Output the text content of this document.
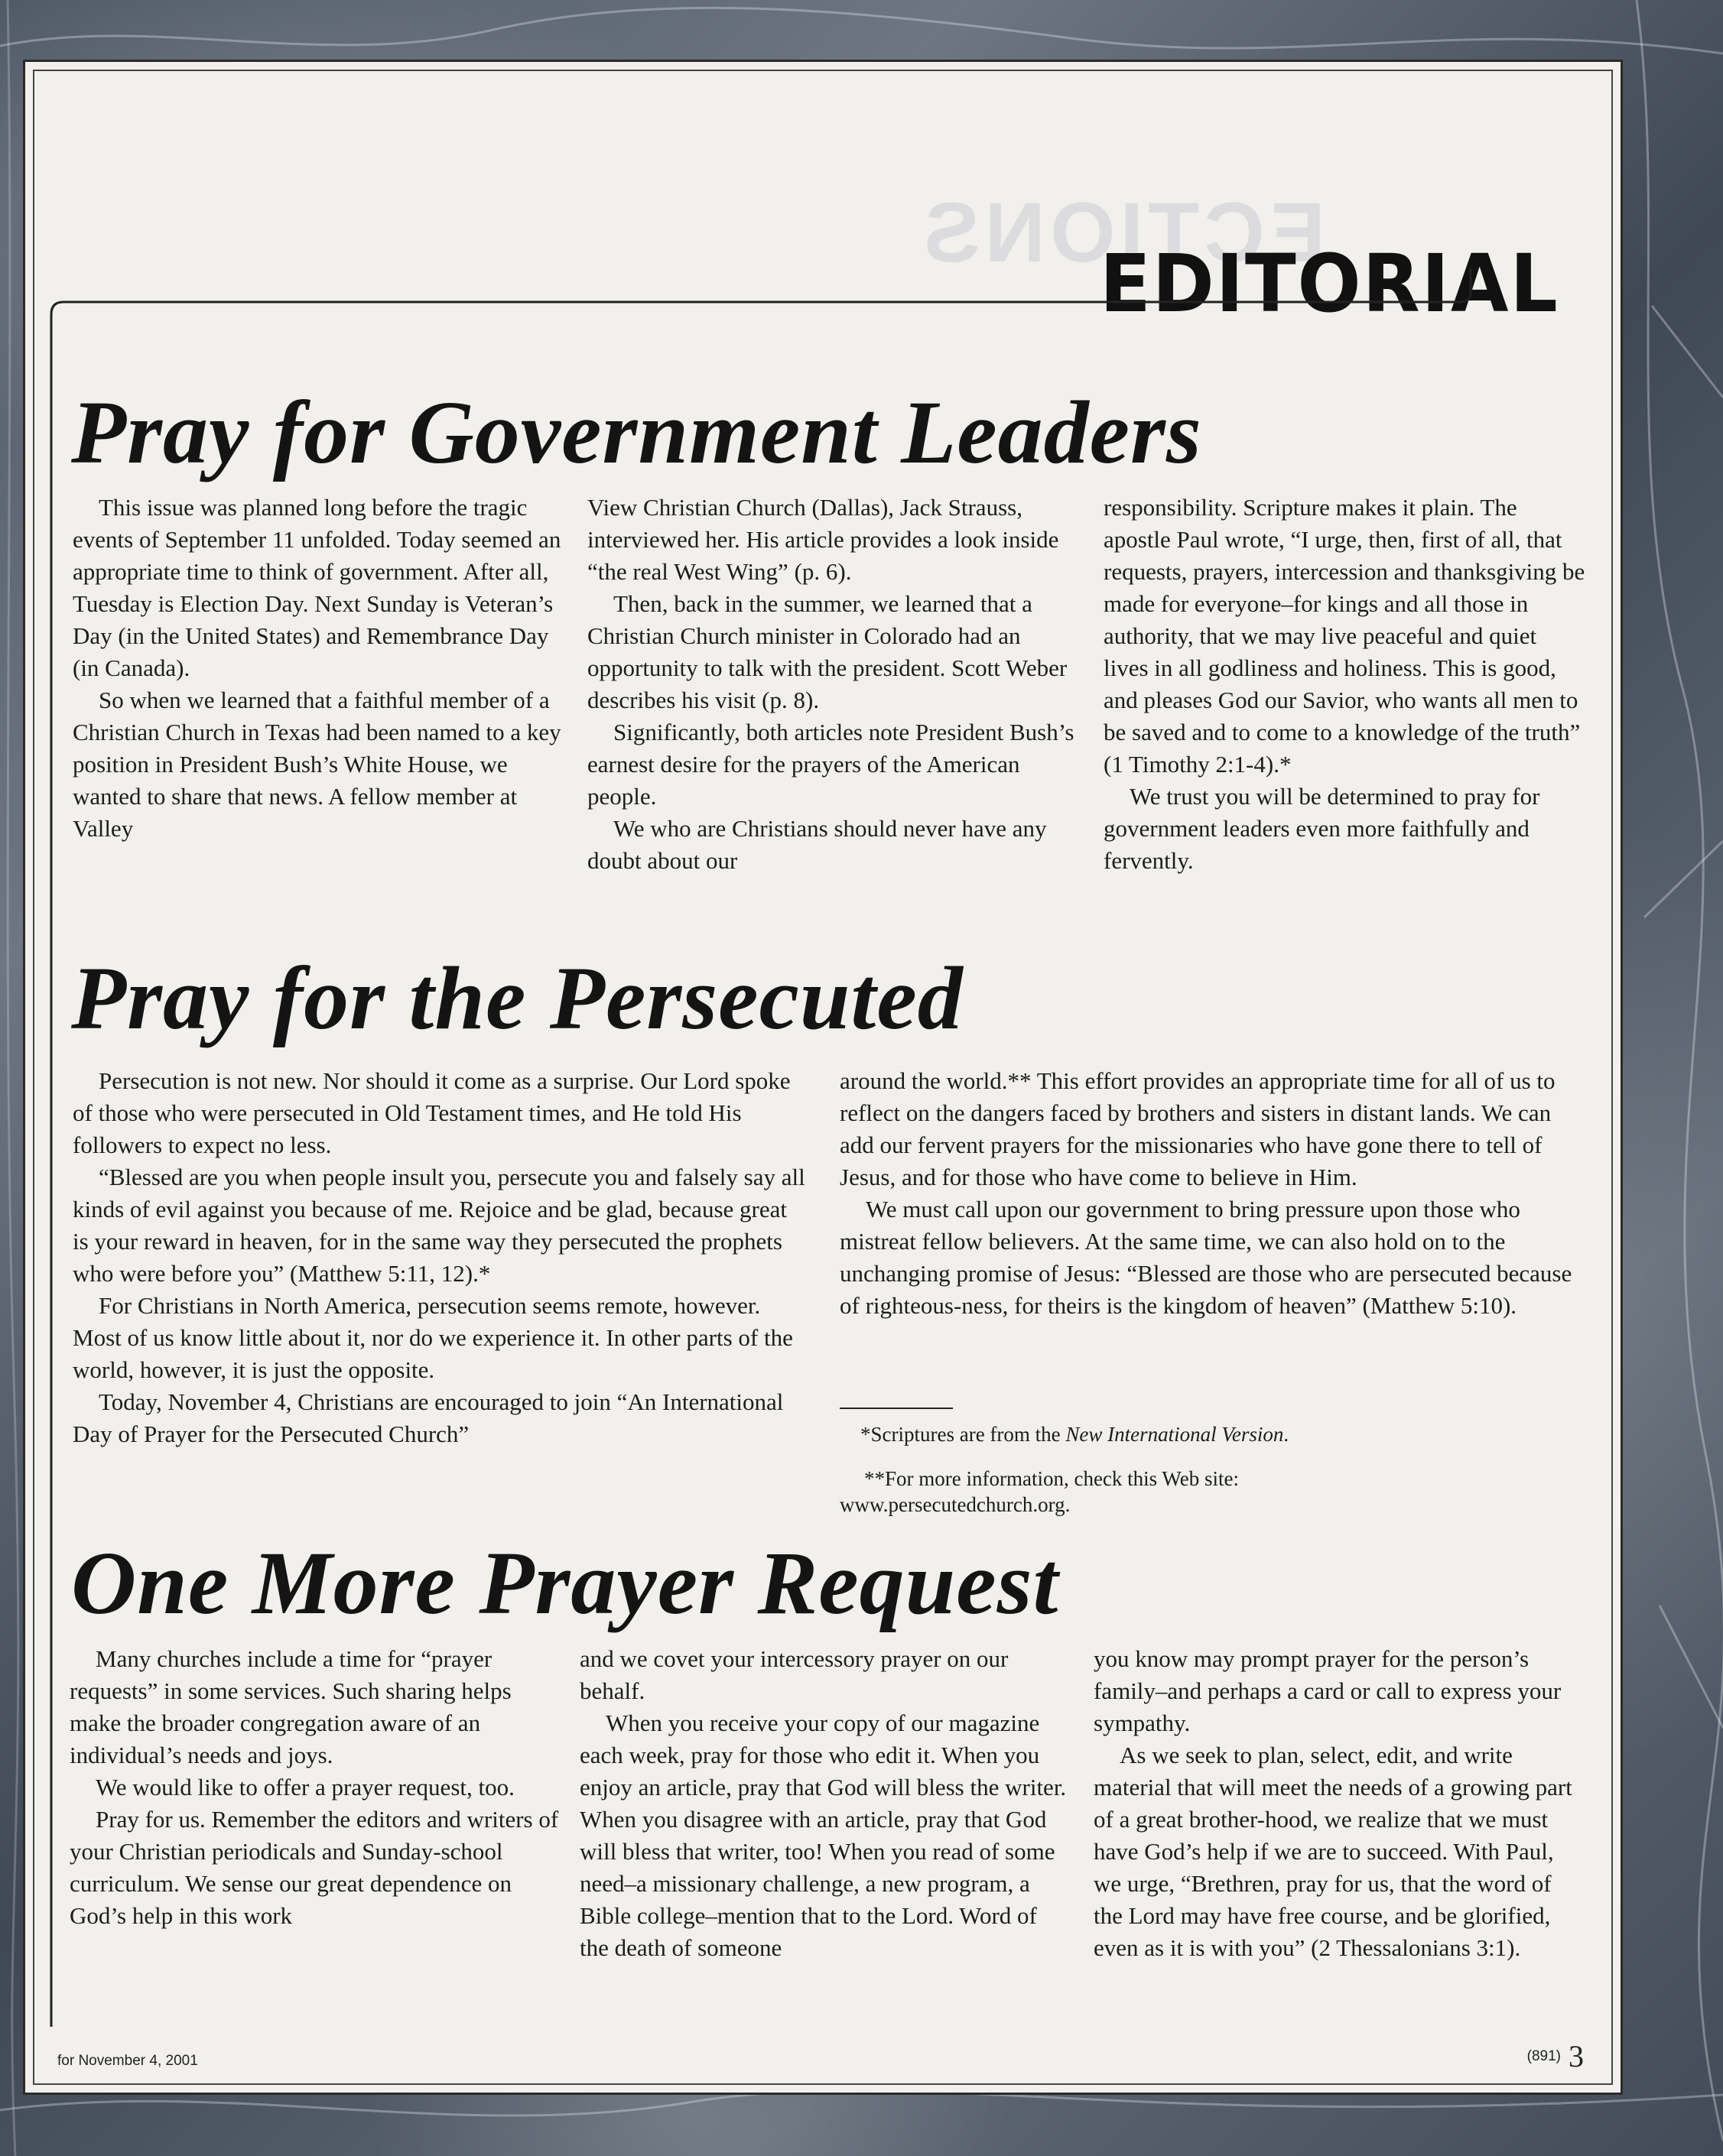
ECTIONS
EDITORIAL
Pray for Government Leaders

This issue was planned long before the tragic events of September 11 unfolded. Today seemed an appropriate time to think of government. After all, Tuesday is Election Day. Next Sunday is Veteran’s Day (in the United States) and Remembrance Day (in Canada).

So when we learned that a faithful member of a Christian Church in Texas had been named to a key position in President Bush’s White House, we wanted to share that news. A fellow member at Valley

View Christian Church (Dallas), Jack Strauss, interviewed her. His article provides a look inside “the real West Wing” (p. 6).

Then, back in the summer, we learned that a Christian Church minister in Colorado had an opportunity to talk with the president. Scott Weber describes his visit (p. 8).

Significantly, both articles note President Bush’s earnest desire for the prayers of the American people.

We who are Christians should never have any doubt about our

responsibility. Scripture makes it plain. The apostle Paul wrote, “I urge, then, first of all, that requests, prayers, intercession and thanksgiving be made for everyone–for kings and all those in authority, that we may live peaceful and quiet lives in all godliness and holiness. This is good, and pleases God our Savior, who wants all men to be saved and to come to a knowledge of the truth” (1 Timothy 2:1-4).*

We trust you will be determined to pray for government leaders even more faithfully and fervently.

Pray for the Persecuted

Persecution is not new. Nor should it come as a surprise. Our Lord spoke of those who were persecuted in Old Testament times, and He told His followers to expect no less.

“Blessed are you when people insult you, persecute you and falsely say all kinds of evil against you because of me. Rejoice and be glad, because great is your reward in heaven, for in the same way they persecuted the prophets who were before you” (Matthew 5:11, 12).*

For Christians in North America, persecution seems remote, however. Most of us know little about it, nor do we experience it. In other parts of the world, however, it is just the opposite.

Today, November 4, Christians are encouraged to join “An International Day of Prayer for the Persecuted Church”

around the world.** This effort provides an appropriate time for all of us to reflect on the dangers faced by brothers and sisters in distant lands. We can add our fervent prayers for the missionaries who have gone there to tell of Jesus, and for those who have come to believe in Him.

We must call upon our government to bring pressure upon those who mistreat fellow believers. At the same time, we can also hold on to the unchanging promise of Jesus: “Blessed are those who are persecuted because of righteous-ness, for theirs is the kingdom of heaven” (Matthew 5:10).

*Scriptures are from the New International Version.
**For more information, check this Web site:
www.persecutedchurch.org.
One More Prayer Request

Many churches include a time for “prayer requests” in some services. Such sharing helps make the broader congregation aware of an individual’s needs and joys.

We would like to offer a prayer request, too.

Pray for us. Remember the editors and writers of your Christian periodicals and Sunday-school curriculum. We sense our great dependence on God’s help in this work

and we covet your intercessory prayer on our behalf.

When you receive your copy of our magazine each week, pray for those who edit it. When you enjoy an article, pray that God will bless the writer. When you disagree with an article, pray that God will bless that writer, too! When you read of some need–a missionary challenge, a new program, a Bible college–mention that to the Lord. Word of the death of someone

you know may prompt prayer for the person’s family–and perhaps a card or call to express your sympathy.

As we seek to plan, select, edit, and write material that will meet the needs of a growing part of a great brother-hood, we realize that we must have God’s help if we are to succeed. With Paul, we urge, “Brethren, pray for us, that the word of the Lord may have free course, and be glorified, even as it is with you” (2 Thessalonians 3:1).

for November 4, 2001	(891) 3
